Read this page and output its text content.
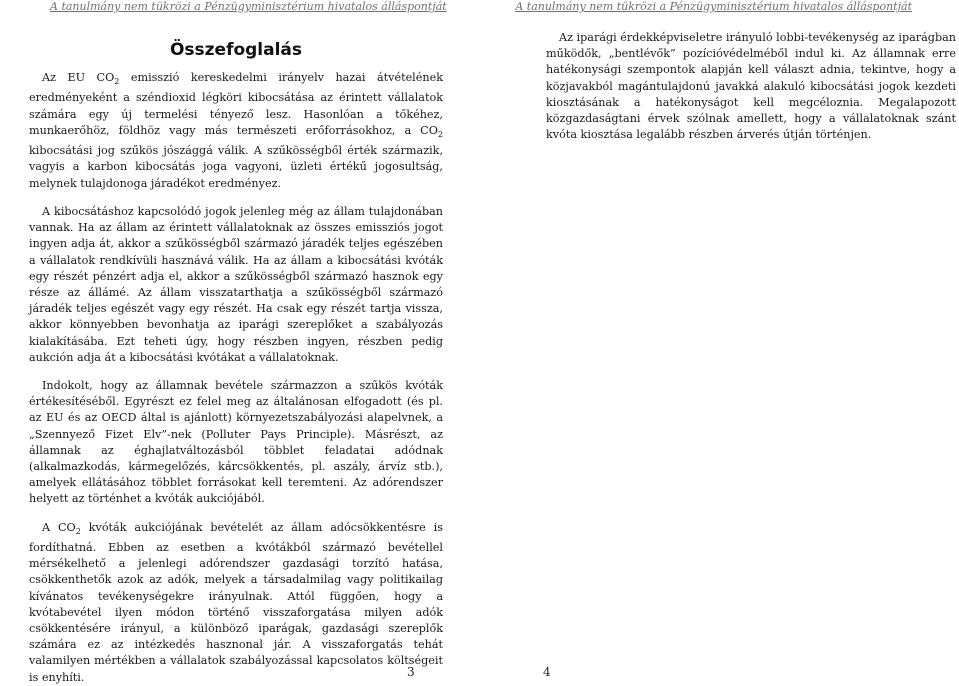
A tanulmány nem tükrözi a Pénzügyminisztérium hivatalos álláspontját
Összefoglalás

Az EU $CO_2$ emisszió kereskedelmi irányelv hazai átvételének eredményeként a széndioxid légköri kibocsátása az érintett vállalatok számára egy új termelési tényező lesz. Hasonlóan a tőkéhez, munkaerőhöz, földhöz vagy más természeti erőforrásokhoz, a $CO_2$ kibocsátási jog szűkös jószággá válik. A szűkösségből érték származik, vagyis a karbon kibocsátás joga vagyoni, üzleti értékű jogosultság, melynek tulajdonoga járadékot eredményez.

A kibocsátáshoz kapcsolódó jogok jelenleg még az állam tulajdonában vannak. Ha az állam az érintett vállalatoknak az összes emissziós jogot ingyen adja át, akkor a szűkösségből származó járadék teljes egészében a vállalatok rendkívüli hasznává válik. Ha az állam a kibocsátási kvóták egy részét pénzért adja el, akkor a szűkösségből származó hasznok egy része az állámé. Az állam visszatarthatja a szűkösségből származó járadék teljes egészét vagy egy részét. Ha csak egy részét tartja vissza, akkor könnyebben bevonhatja az iparági szereplőket a szabályozás kialakításába. Ezt teheti úgy, hogy részben ingyen, részben pedig aukción adja át a kibocsátási kvótákat a vállalatoknak.

Indokolt, hogy az államnak bevétele származzon a szűkös kvóták értékesítéséből. Egyrészt ez felel meg az általánosan elfogadott (és pl. az EU és az OECD által is ajánlott) környezetszabályozási alapelvnek, a „Szennyező Fizet Elv”-nek (Polluter Pays Principle). Másrészt, az államnak az éghajlatváltozásból többlet feladatai adódnak (alkalmazkodás, kármegelőzés, kárcsökkentés, pl. aszály, árvíz stb.), amelyek ellátásához többlet forrásokat kell teremteni. Az adórendszer helyett az történhet a kvóták aukciójából.

A $CO_2$ kvóták aukciójának bevételét az állam adócsökkentésre is fordíthatná. Ebben az esetben a kvótákból származó bevétellel mérsékelhető a jelenlegi adórendszer gazdasági torzító hatása, csökkenthetők azok az adók, melyek a társadalmilag vagy politikailag kívánatos tevékenységekre irányulnak. Attól függően, hogy a kvótabevétel ilyen módon történő visszaforgatása milyen adók csökkentésére irányul, a különböző iparágak, gazdasági szereplők számára ez az intézkedés hasznonal jár. A visszaforgatás tehát valamilyen mértékben a vállalatok szabályozással kapcsolatos költségeit is enyhíti.	3
A tanulmány nem tükrözi a Pénzügyminisztérium hivatalos álláspontját

Az iparági érdekképviseletre irányuló lobbi-tevékenység az iparágban működők, „bentlévők” pozícióvédelméből indul ki. Az államnak erre hatékonysági szempontok alapján kell választ adnia, tekintve, hogy a közjavakból magántulajdonú javakká alakuló kibocsátási jogok kezdeti kiosztásának a hatékonyságot kell megcéloznia. Megalapozott közgazdaságtani érvek szólnak amellett, hogy a vállalatoknak szánt kvóta kiosztása legalább részben árverés útján történjen.

4
